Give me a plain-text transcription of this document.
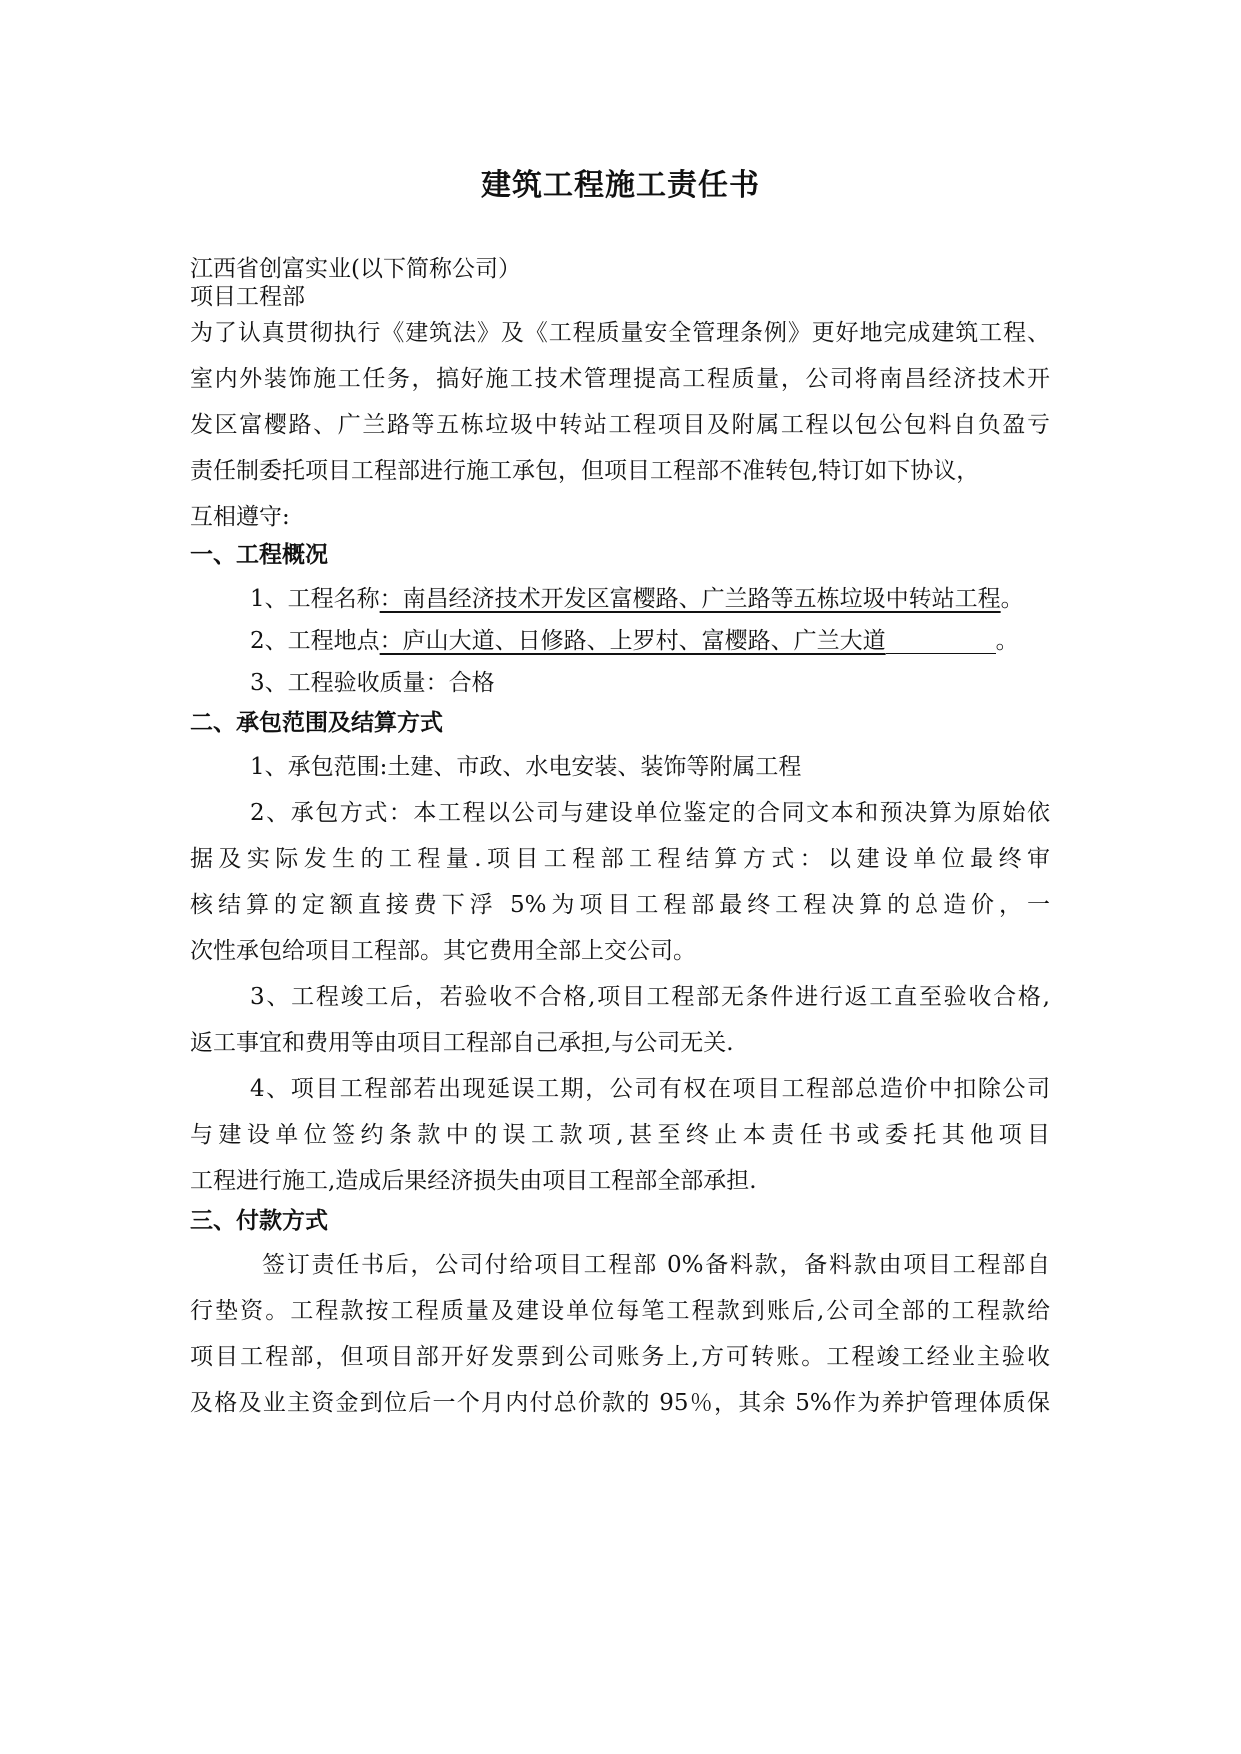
建筑工程施工责任书
江西省创富实业(以下简称公司）
项目工程部
为了认真贯彻执行《建筑法》及《工程质量安全管理条例》更好地完成建筑工程、
室内外装饰施工任务，搞好施工技术管理提高工程质量，公司将南昌经济技术开
发区富樱路、广兰路等五栋垃圾中转站工程项目及附属工程以包公包料自负盈亏
责任制委托项目工程部进行施工承包，但项目工程部不准转包,特订如下协议，
互相遵守:
一、工程概况
1、工程名称：南昌经济技术开发区富樱路、广兰路等五栋垃圾中转站工程。
2、工程地点：庐山大道、日修路、上罗村、富樱路、广兰大道	。
3、工程验收质量：合格
二、承包范围及结算方式
1、承包范围:土建、市政、水电安装、装饰等附属工程
2、承包方式：本工程以公司与建设单位鉴定的合同文本和预决算为原始依
据及实际发生的工程量.项目工程部工程结算方式：以建设单位最终审
核结算的定额直接费下浮 5%为项目工程部最终工程决算的总造价，一
次性承包给项目工程部。其它费用全部上交公司。
3、工程竣工后，若验收不合格,项目工程部无条件进行返工直至验收合格,
返工事宜和费用等由项目工程部自己承担,与公司无关.
4、项目工程部若出现延误工期，公司有权在项目工程部总造价中扣除公司
与建设单位签约条款中的误工款项,甚至终止本责任书或委托其他项目
工程进行施工,造成后果经济损失由项目工程部全部承担.
三、付款方式
签订责任书后，公司付给项目工程部 0%备料款，备料款由项目工程部自
行垫资。工程款按工程质量及建设单位每笔工程款到账后,公司全部的工程款给
项目工程部，但项目部开好发票到公司账务上,方可转账。工程竣工经业主验收
及格及业主资金到位后一个月内付总价款的 95％，其余 5%作为养护管理体质保
